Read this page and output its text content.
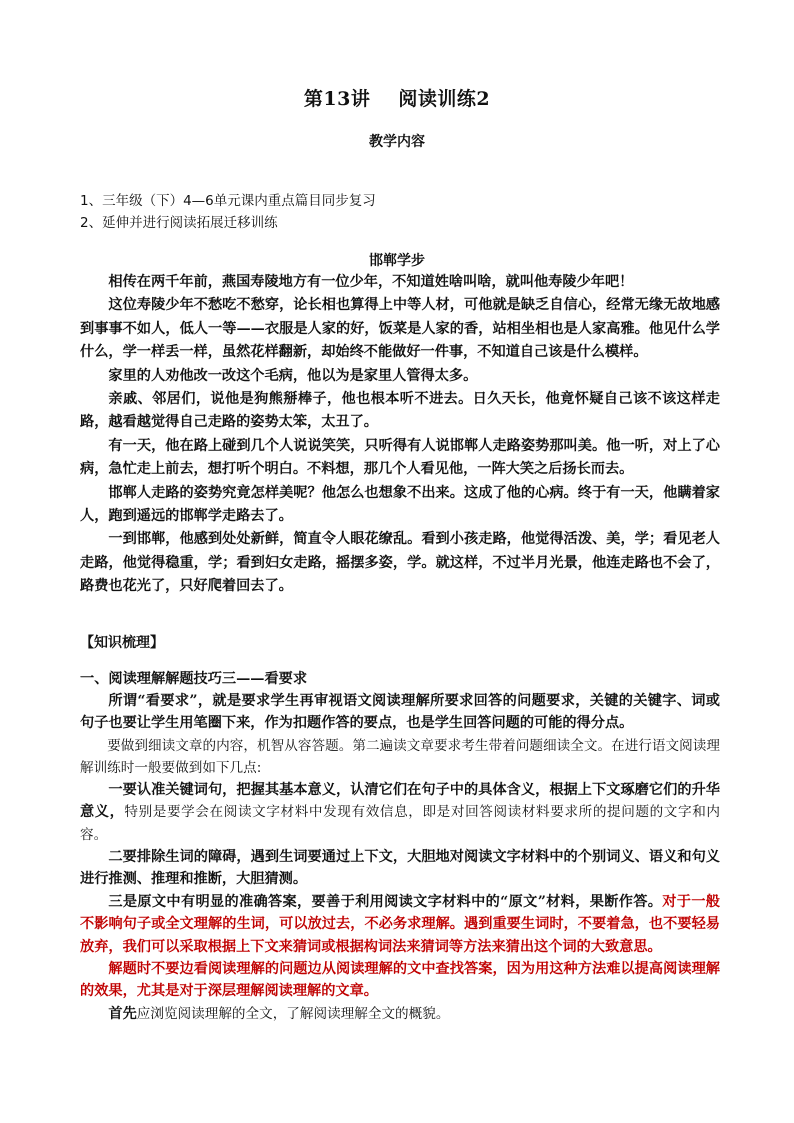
第13讲 阅读训练2
教学内容
1、三年级（下）4—6单元课内重点篇目同步复习
2、延伸并进行阅读拓展迁移训练
邯郸学步

相传在两千年前，燕国寿陵地方有一位少年，不知道姓啥叫啥，就叫他寿陵少年吧！

这位寿陵少年不愁吃不愁穿，论长相也算得上中等人材，可他就是缺乏自信心，经常无缘无故地感到事事不如人，低人一等——衣服是人家的好，饭菜是人家的香，站相坐相也是人家高雅。他见什么学什么，学一样丢一样，虽然花样翻新，却始终不能做好一件事，不知道自己该是什么模样。

家里的人劝他改一改这个毛病，他以为是家里人管得太多。

亲戚、邻居们，说他是狗熊掰棒子，他也根本听不进去。日久天长，他竟怀疑自己该不该这样走路，越看越觉得自己走路的姿势太笨，太丑了。

有一天，他在路上碰到几个人说说笑笑，只听得有人说邯郸人走路姿势那叫美。他一听，对上了心病，急忙走上前去，想打听个明白。不料想，那几个人看见他，一阵大笑之后扬长而去。

邯郸人走路的姿势究竟怎样美呢？他怎么也想象不出来。这成了他的心病。终于有一天，他瞒着家人，跑到遥远的邯郸学走路去了。

一到邯郸，他感到处处新鲜，简直令人眼花缭乱。看到小孩走路，他觉得活泼、美，学；看见老人走路，他觉得稳重，学；看到妇女走路，摇摆多姿，学。就这样，不过半月光景，他连走路也不会了，路费也花光了，只好爬着回去了。

【知识梳理】
一、阅读理解解题技巧三——看要求

所谓“看要求”，就是要求学生再审视语文阅读理解所要求回答的问题要求，关键的关键字、词或句子也要让学生用笔圈下来，作为扣题作答的要点，也是学生回答问题的可能的得分点。

要做到细读文章的内容，机智从容答题。第二遍读文章要求考生带着问题细读全文。在进行语文阅读理解训练时一般要做到如下几点:

一要认准关键词句，把握其基本意义，认清它们在句子中的具体含义，根据上下文琢磨它们的升华意义，特别是要学会在阅读文字材料中发现有效信息，即是对回答阅读材料要求所的提问题的文字和内容。

二要排除生词的障碍，遇到生词要通过上下文，大胆地对阅读文字材料中的个别词义、语义和句义进行推测、推理和推断，大胆猜测。

三是原文中有明显的准确答案，要善于利用阅读文字材料中的“原文”材料，果断作答。对于一般不影响句子或全文理解的生词，可以放过去，不必务求理解。遇到重要生词时，不要着急，也不要轻易放弃，我们可以采取根据上下文来猜词或根据构词法来猜词等方法来猜出这个词的大致意思。

解题时不要边看阅读理解的问题边从阅读理解的文中查找答案，因为用这种方法难以提高阅读理解的效果，尤其是对于深层理解阅读理解的文章。

首先应浏览阅读理解的全文，了解阅读理解全文的概貌。
